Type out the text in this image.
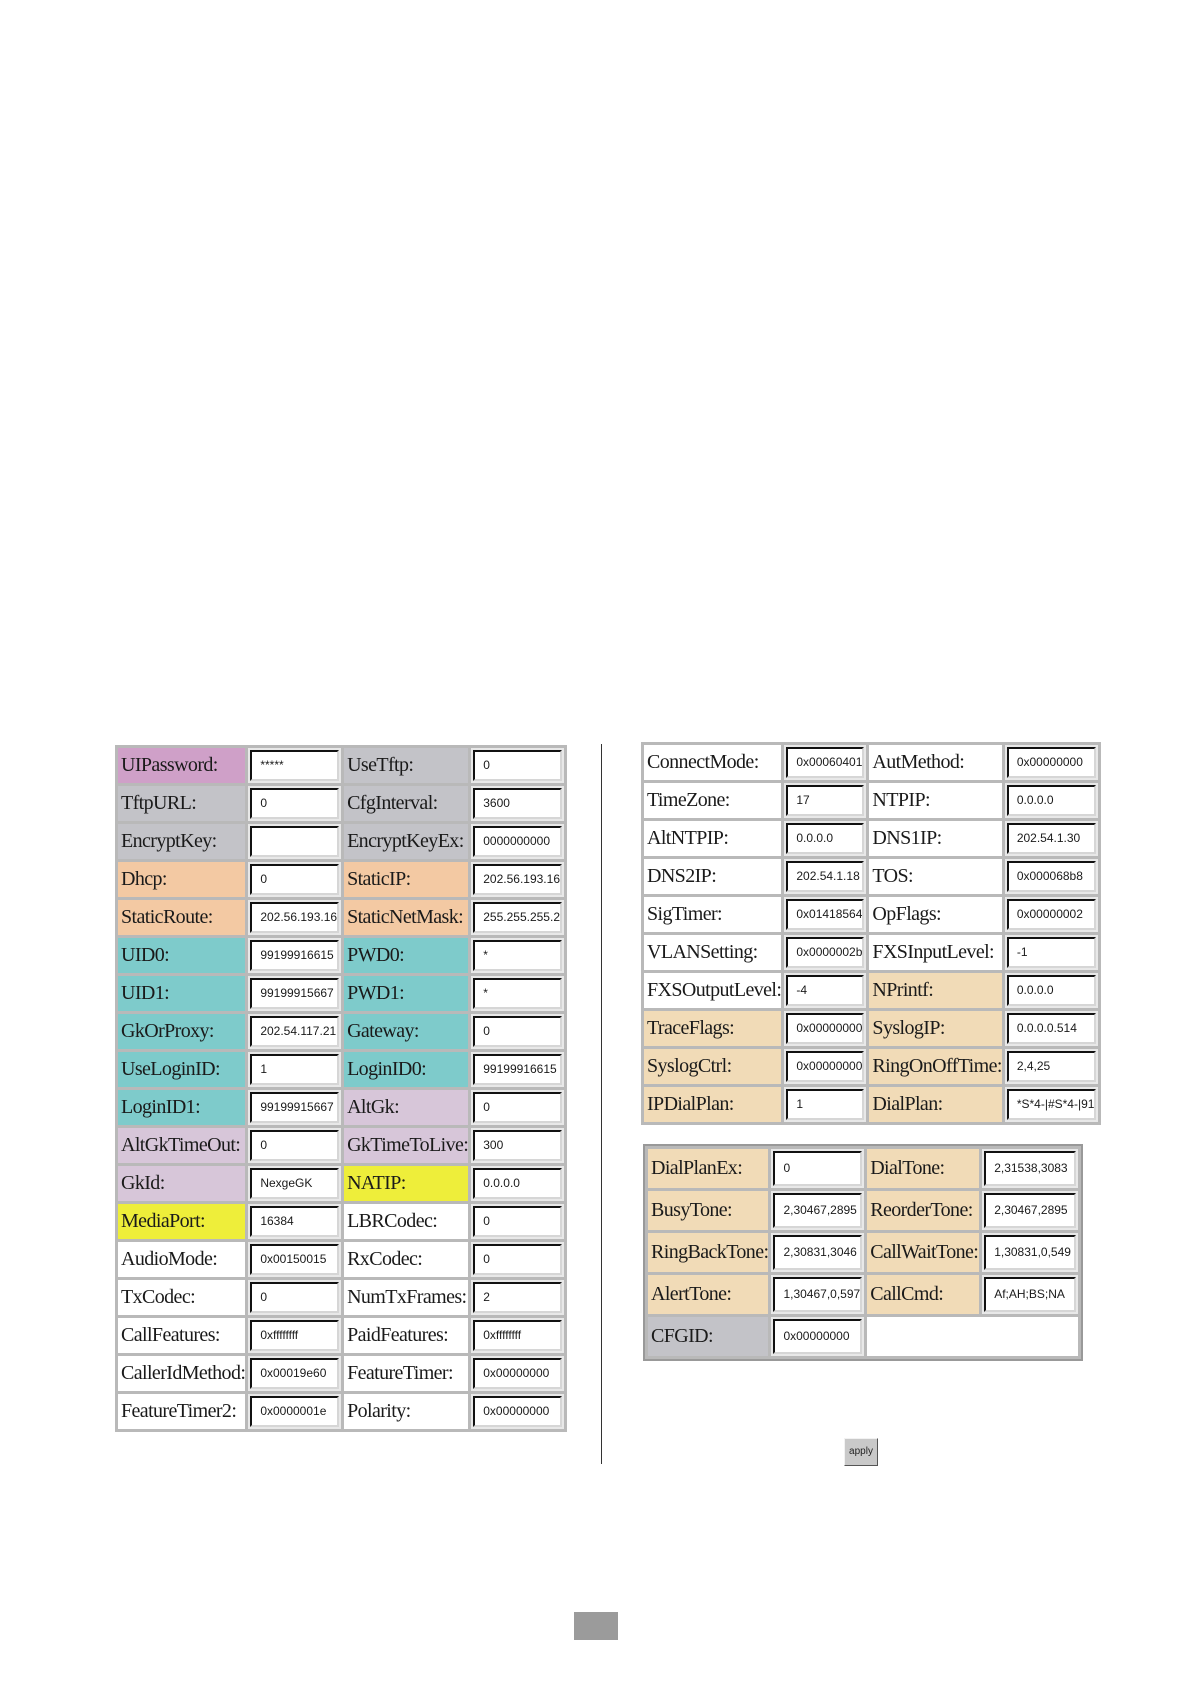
UIPassword:	*****	UseTftp:	0

TftpURL:	0	CfgInterval:	3600

EncryptKey:		EncryptKeyEx:	0000000000

Dhcp:	0	StaticIP:	202.56.193.16

StaticRoute:	202.56.193.16	StaticNetMask:	255.255.255.2

UID0:	99199916615	PWD0:	*

UID1:	99199915667	PWD1:	*

GkOrProxy:	202.54.117.21	Gateway:	0

UseLoginID:	1	LoginID0:	99199916615

LoginID1:	99199915667	AltGk:	0

AltGkTimeOut:	0	GkTimeToLive:	300

GkId:	NexgeGK	NATIP:	0.0.0.0

MediaPort:	16384	LBRCodec:	0

AudioMode:	0x00150015	RxCodec:	0

TxCodec:	0	NumTxFrames:	2

CallFeatures:	0xffffffff	PaidFeatures:	0xffffffff

CallerIdMethod:	0x00019e60	FeatureTimer:	0x00000000

FeatureTimer2:	0x0000001e	Polarity:	0x00000000
ConnectMode:	0x00060401	AutMethod:	0x00000000

TimeZone:	17	NTPIP:	0.0.0.0

AltNTPIP:	0.0.0.0	DNS1IP:	202.54.1.30

DNS2IP:	202.54.1.18	TOS:	0x000068b8

SigTimer:	0x01418564	OpFlags:	0x00000002

VLANSetting:	0x0000002b	FXSInputLevel:	-1

FXSOutputLevel:	-4	NPrintf:	0.0.0.0

TraceFlags:	0x00000000	SyslogIP:	0.0.0.0.514

SyslogCtrl:	0x00000000	RingOnOffTime:	2,4,25

IPDialPlan:	1	DialPlan:	*S*4-|#S*4-|91
DialPlanEx:	0	DialTone:	2,31538,3083

BusyTone:	2,30467,2895	ReorderTone:	2,30467,2895

RingBackTone:	2,30831,3046	CallWaitTone:	1,30831,0,549

AlertTone:	1,30467,0,597	CallCmd:	Af;AH;BS;NA

CFGID:	0x00000000		

apply
